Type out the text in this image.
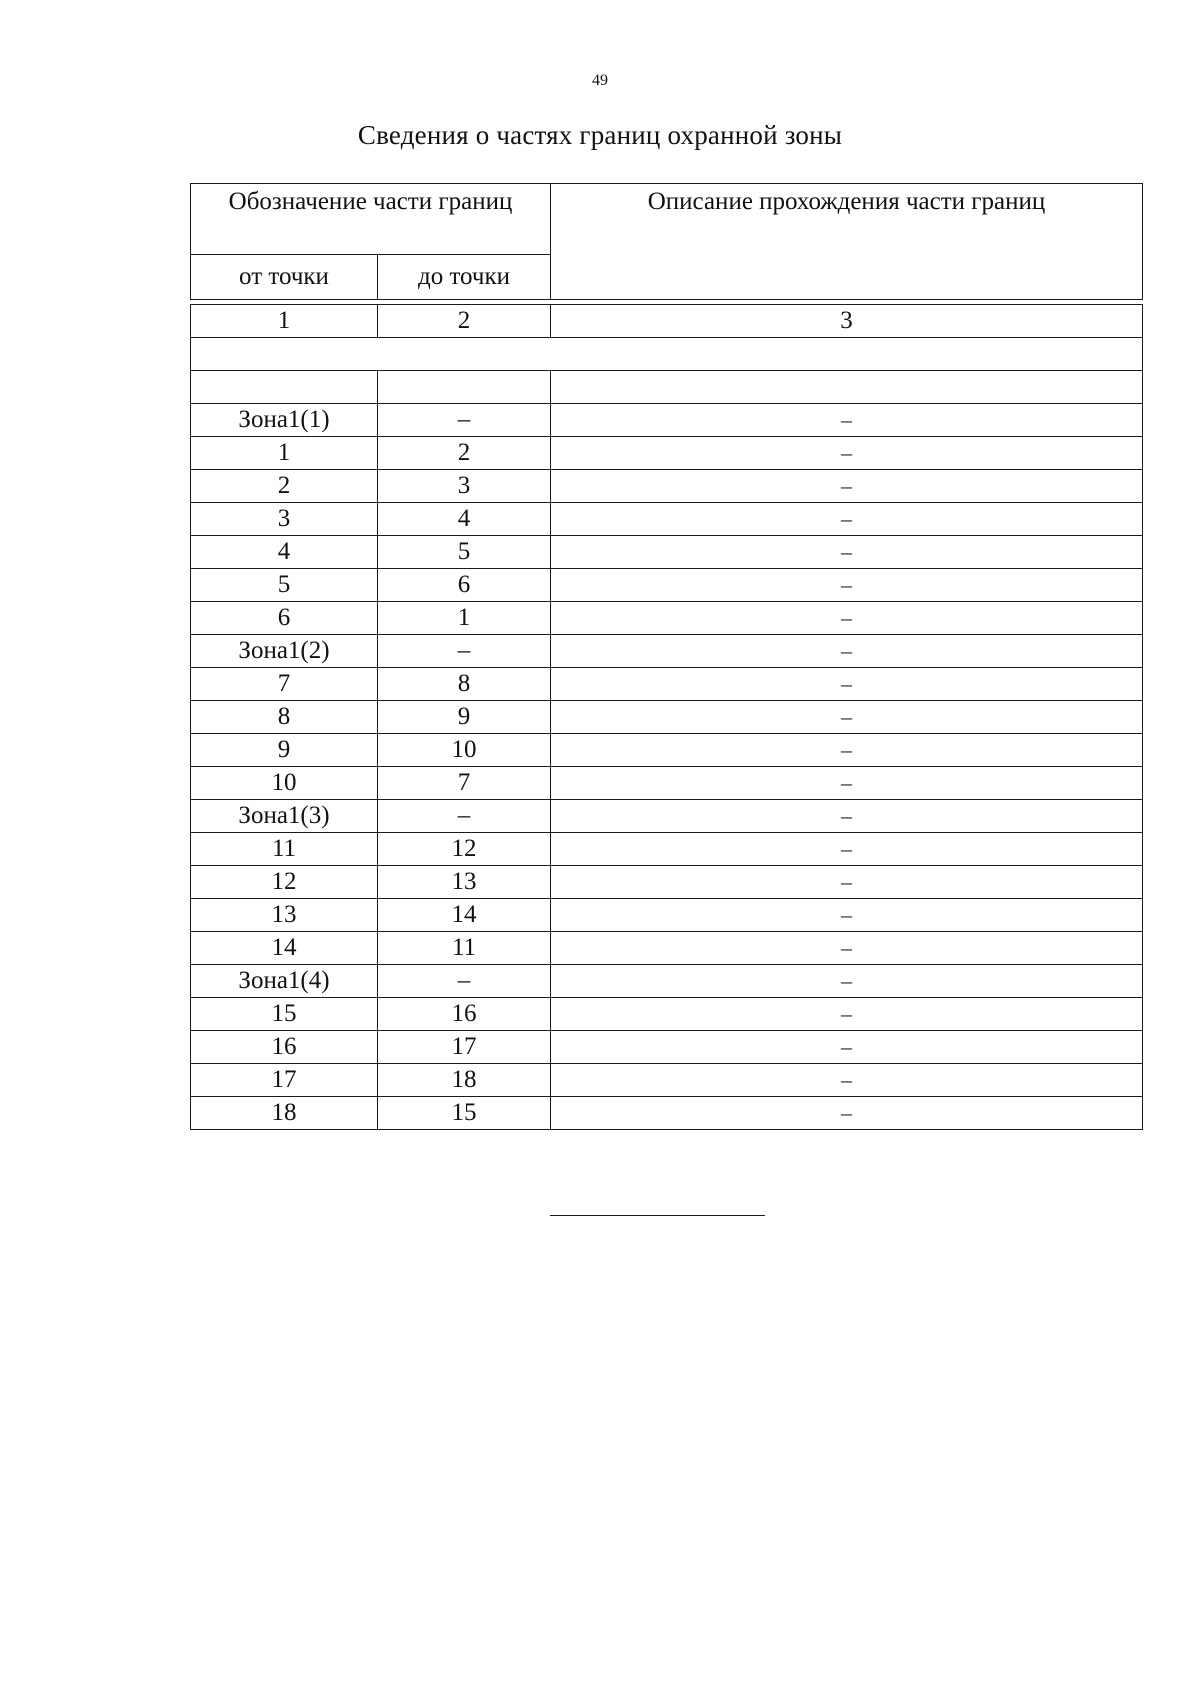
49
Сведения о частях границ охранной зоны
Обозначение части границ		Описание прохождения части границ
от точки	до точки	
1	2	3

Зона1(1)	–	–
1	2	–
2	3	–
3	4	–
4	5	–
5	6	–
6	1	–
Зона1(2)	–	–
7	8	–
8	9	–
9	10	–
10	7	–
Зона1(3)	–	–
11	12	–
12	13	–
13	14	–
14	11	–
Зона1(4)	–	–
15	16	–
16	17	–
17	18	–
18	15	–
